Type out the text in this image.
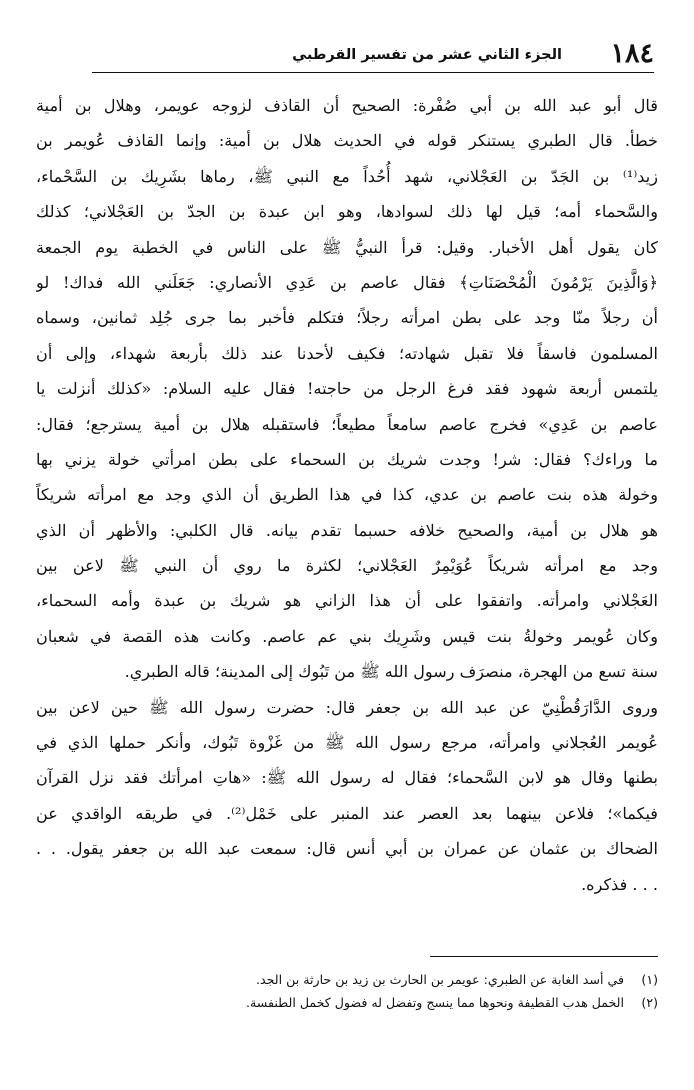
١٨٤
الجزء الثاني عشر من تفسير القرطبي
قال أبو عبد الله بن أبي صُفْرة: الصحيح أن القاذف لزوجه عويمر، وهلال بن أمية
خطأ. قال الطبري يستنكر قوله في الحديث هلال بن أمية: وإنما القاذف عُويمر بن
زيد⁽¹⁾ بن الجَدّ بن العَجْلاني، شهد أُحُداً مع النبي ﷺ، رماها بشَرِيك بن السَّحْماء،
والسَّحماء أمه؛ قيل لها ذلك لسوادها، وهو ابن عبدة بن الجدّ بن العَجْلاني؛ كذلك
كان يقول أهل الأخبار. وقيل: قرأ النبيُّ ﷺ على الناس في الخطبة يوم الجمعة
﴿وَالَّذِينَ يَرْمُونَ الْمُحْصَنَاتِ﴾ فقال عاصم بن عَدِي الأنصاري: جَعَلَني الله فداك! لو
أن رجلاً منّا وجد على بطن امرأته رجلاً؛ فتكلم فأخبر بما جرى جُلِد ثمانين، وسماه
المسلمون فاسقاً فلا تقبل شهادته؛ فكيف لأحدنا عند ذلك بأربعة شهداء، وإلى أن
يلتمس أربعة شهود فقد فرغ الرجل من حاجته! فقال عليه السلام: «كذلك أنزلت يا
عاصم بن عَدِي» فخرج عاصم سامعاً مطيعاً؛ فاستقبله هلال بن أمية يسترجع؛ فقال:
ما وراءك؟ فقال: شر! وجدت شريك بن السحماء على بطن امرأتي خولة يزني بها
وخولة هذه بنت عاصم بن عدي، كذا في هذا الطريق أن الذي وجد مع امرأته شريكاً
هو هلال بن أمية، والصحيح خلافه حسبما تقدم بيانه. قال الكلبي: والأظهر أن الذي
وجد مع امرأته شريكاً عُوَيْمِرٌ العَجْلاني؛ لكثرة ما روي أن النبي ﷺ لاعن بين
العَجْلاني وامرأته. واتفقوا على أن هذا الزاني هو شريك بن عبدة وأمه السحماء،
وكان عُويمر وخولةُ بنت قيس وشَرِيك بني عم عاصم. وكانت هذه القصة في شعبان
سنة تسع من الهجرة، منصرَف رسول الله ﷺ من تَبُوك إلى المدينة؛ قاله الطبري.
وروى الدَّارَقُطْنِيّ عن عبد الله بن جعفر قال: حضرت رسول الله ﷺ حين لاعن بين
عُويمر العُجلاني وامرأته، مرجع رسول الله ﷺ من غَزْوة تَبُوك، وأنكر حملها الذي في
بطنها وقال هو لابن السَّحماء؛ فقال له رسول الله ﷺ: «هاتِ امرأتك فقد نزل القرآن
فيكما»؛ فلاعن بينهما بعد العصر عند المنبر على خَمْل⁽²⁾. في طريقه الواقدي عن
الضحاك بن عثمان عن عمران بن أبي أنس قال: سمعت عبد الله بن جعفر يقول. . .
. . . فذكره.
(١)في أسد الغابة عن الطبري: عويمر بن الحارث بن زيد بن حارثة بن الجد.
(٢)الخمل هدب القطيفة ونحوها مما ينسج وتفضل له فضول كخمل الطنفسة.
